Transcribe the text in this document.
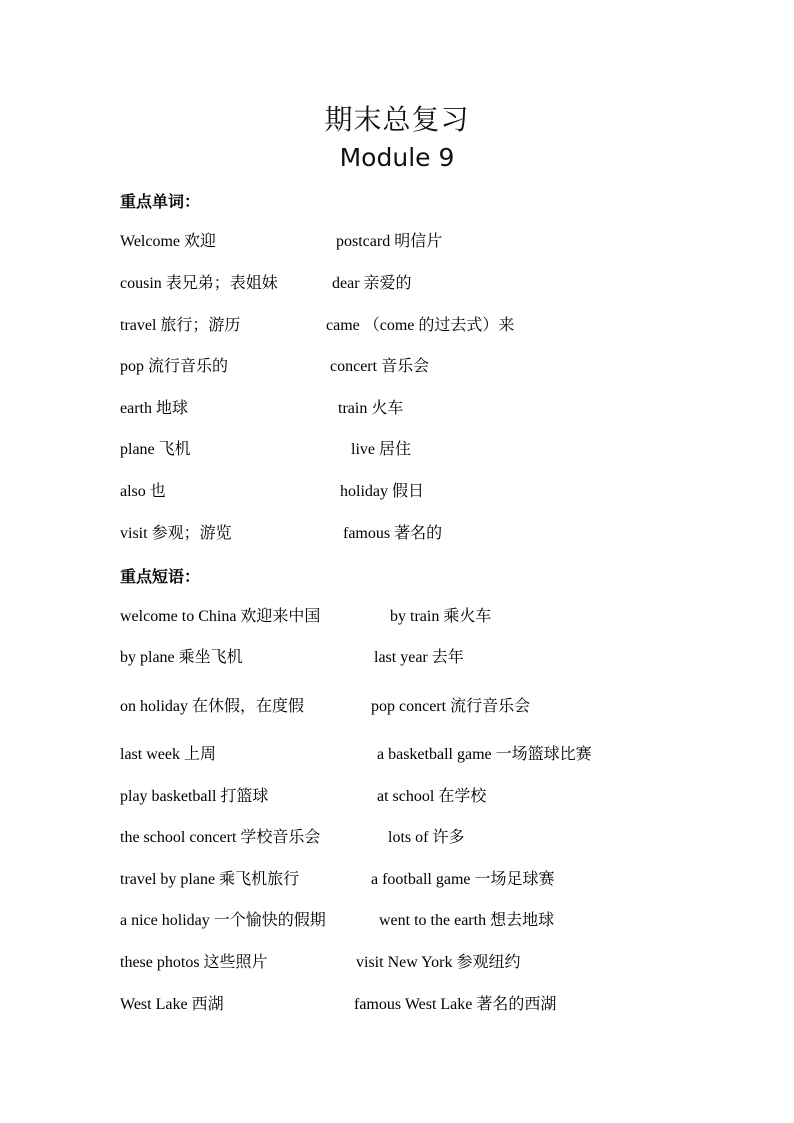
期末总复习
Module 9
重点单词：
Welcome 欢迎	postcard 明信片
cousin 表兄弟；表姐妹	dear 亲爱的
travel 旅行；游历	came （come 的过去式）来
pop 流行音乐的	concert 音乐会
earth 地球	train 火车
plane 飞机	live 居住
also 也	holiday 假日
visit 参观；游览	famous 著名的
重点短语：
welcome to China 欢迎来中国	by train 乘火车
by plane 乘坐飞机	last year 去年
on holiday 在休假，在度假	pop concert 流行音乐会
last week 上周	a basketball game 一场篮球比赛
play basketball 打篮球	at school 在学校
the school concert 学校音乐会	lots of 许多
travel by plane 乘飞机旅行	a football game 一场足球赛
a nice holiday 一个愉快的假期	went to the earth 想去地球
these photos 这些照片	visit New York 参观纽约
West Lake 西湖	famous West Lake 著名的西湖
